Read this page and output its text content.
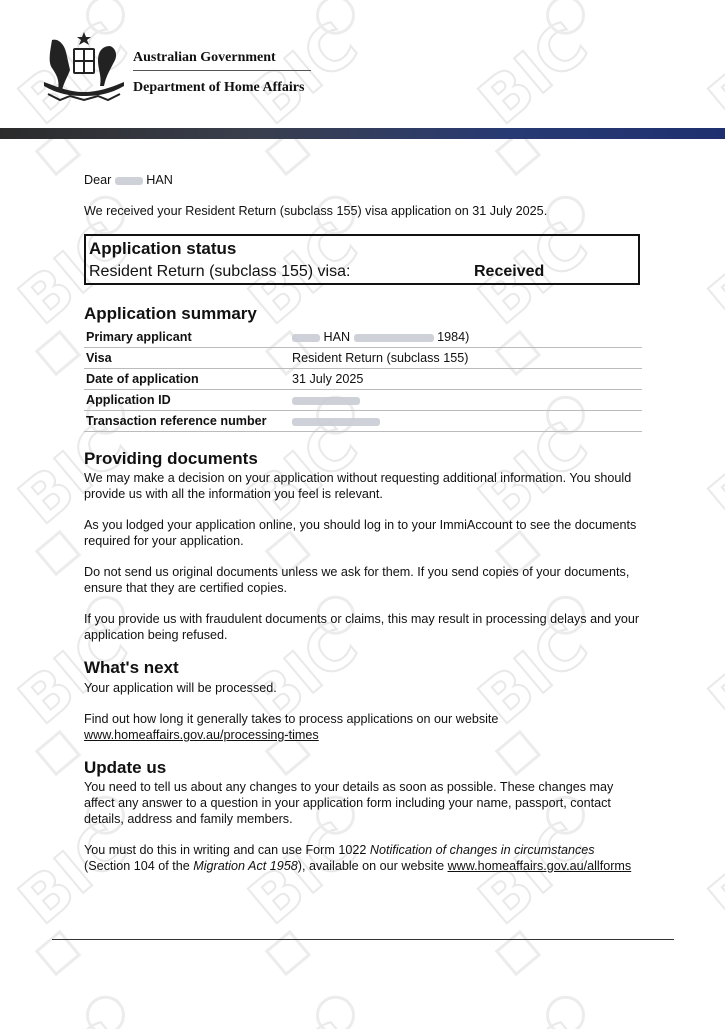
Australian Government
Department of Home Affairs
Dear	HAN
We received your Resident Return (subclass 155) visa application on 31 July 2025.
Application status
Resident Return (subclass 155) visa:	Received
Application summary
Primary applicant	HAN 1984)
Visa	Resident Return (subclass 155)
Date of application	31 July 2025
Application ID	
Transaction reference number	
Providing documents
We may make a decision on your application without requesting additional information. You should provide us with all the information you feel is relevant.
As you lodged your application online, you should log in to your ImmiAccount to see the documents required for your application.
Do not send us original documents unless we ask for them. If you send copies of your documents, ensure that they are certified copies.
If you provide us with fraudulent documents or claims, this may result in processing delays and your application being refused.
What's next
Your application will be processed.
Find out how long it generally takes to process applications on our website
www.homeaffairs.gov.au/processing-times
Update us
You need to tell us about any changes to your details as soon as possible. These changes may affect any answer to a question in your application form including your name, passport, contact details, address and family members.
You must do this in writing and can use Form 1022 Notification of changes in circumstances (Section 104 of the Migration Act 1958), available on our website www.homeaffairs.gov.au/allforms
